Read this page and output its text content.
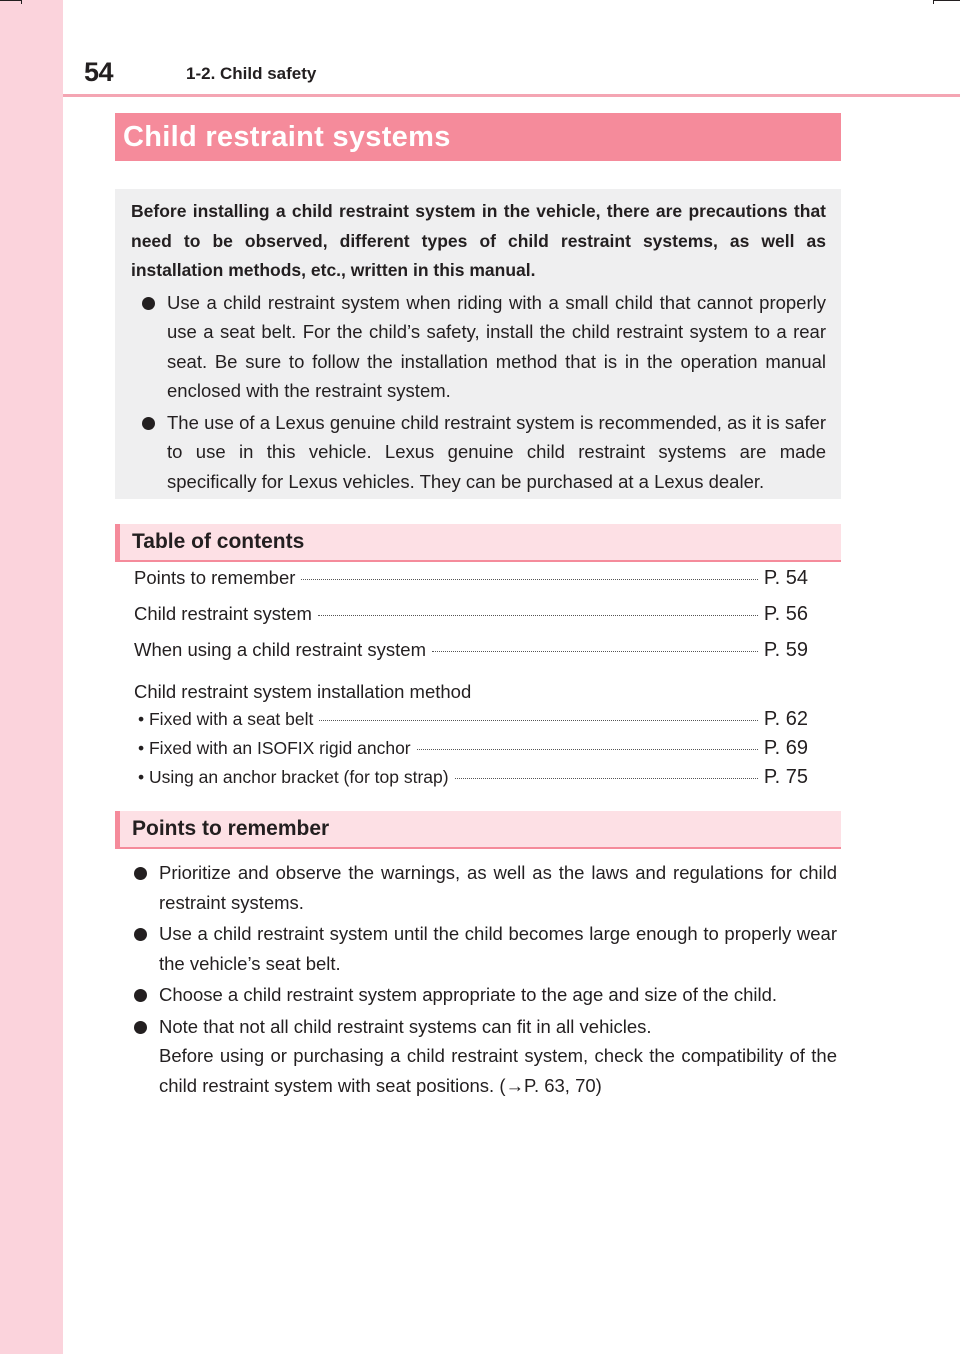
54	1-2. Child safety
Child restraint systems

Before installing a child restraint system in the vehicle, there are precautions that need to be observed, different types of child restraint systems, as well as installation methods, etc., written in this manual.

Use a child restraint system when riding with a small child that cannot properly use a seat belt. For the child’s safety, install the child restraint system to a rear seat. Be sure to follow the installation method that is in the operation manual enclosed with the restraint system.
The use of a Lexus genuine child restraint system is recommended, as it is safer to use in this vehicle. Lexus genuine child restraint systems are made specifically for Lexus vehicles. They can be purchased at a Lexus dealer.
Table of contents
Points to remember	P. 54
Child restraint system	P. 56
When using a child restraint system	P. 59
Child restraint system installation method
• Fixed with a seat belt	P. 62
• Fixed with an ISOFIX rigid anchor	P. 69
• Using an anchor bracket (for top strap)	P. 75
Points to remember
Prioritize and observe the warnings, as well as the laws and regulations for child restraint systems.
Use a child restraint system until the child becomes large enough to properly wear the vehicle’s seat belt.
Choose a child restraint system appropriate to the age and size of the child.
Note that not all child restraint systems can fit in all vehicles.
Before using or purchasing a child restraint system, check the compatibility of the child restraint system with seat positions. (→P. 63, 70)
